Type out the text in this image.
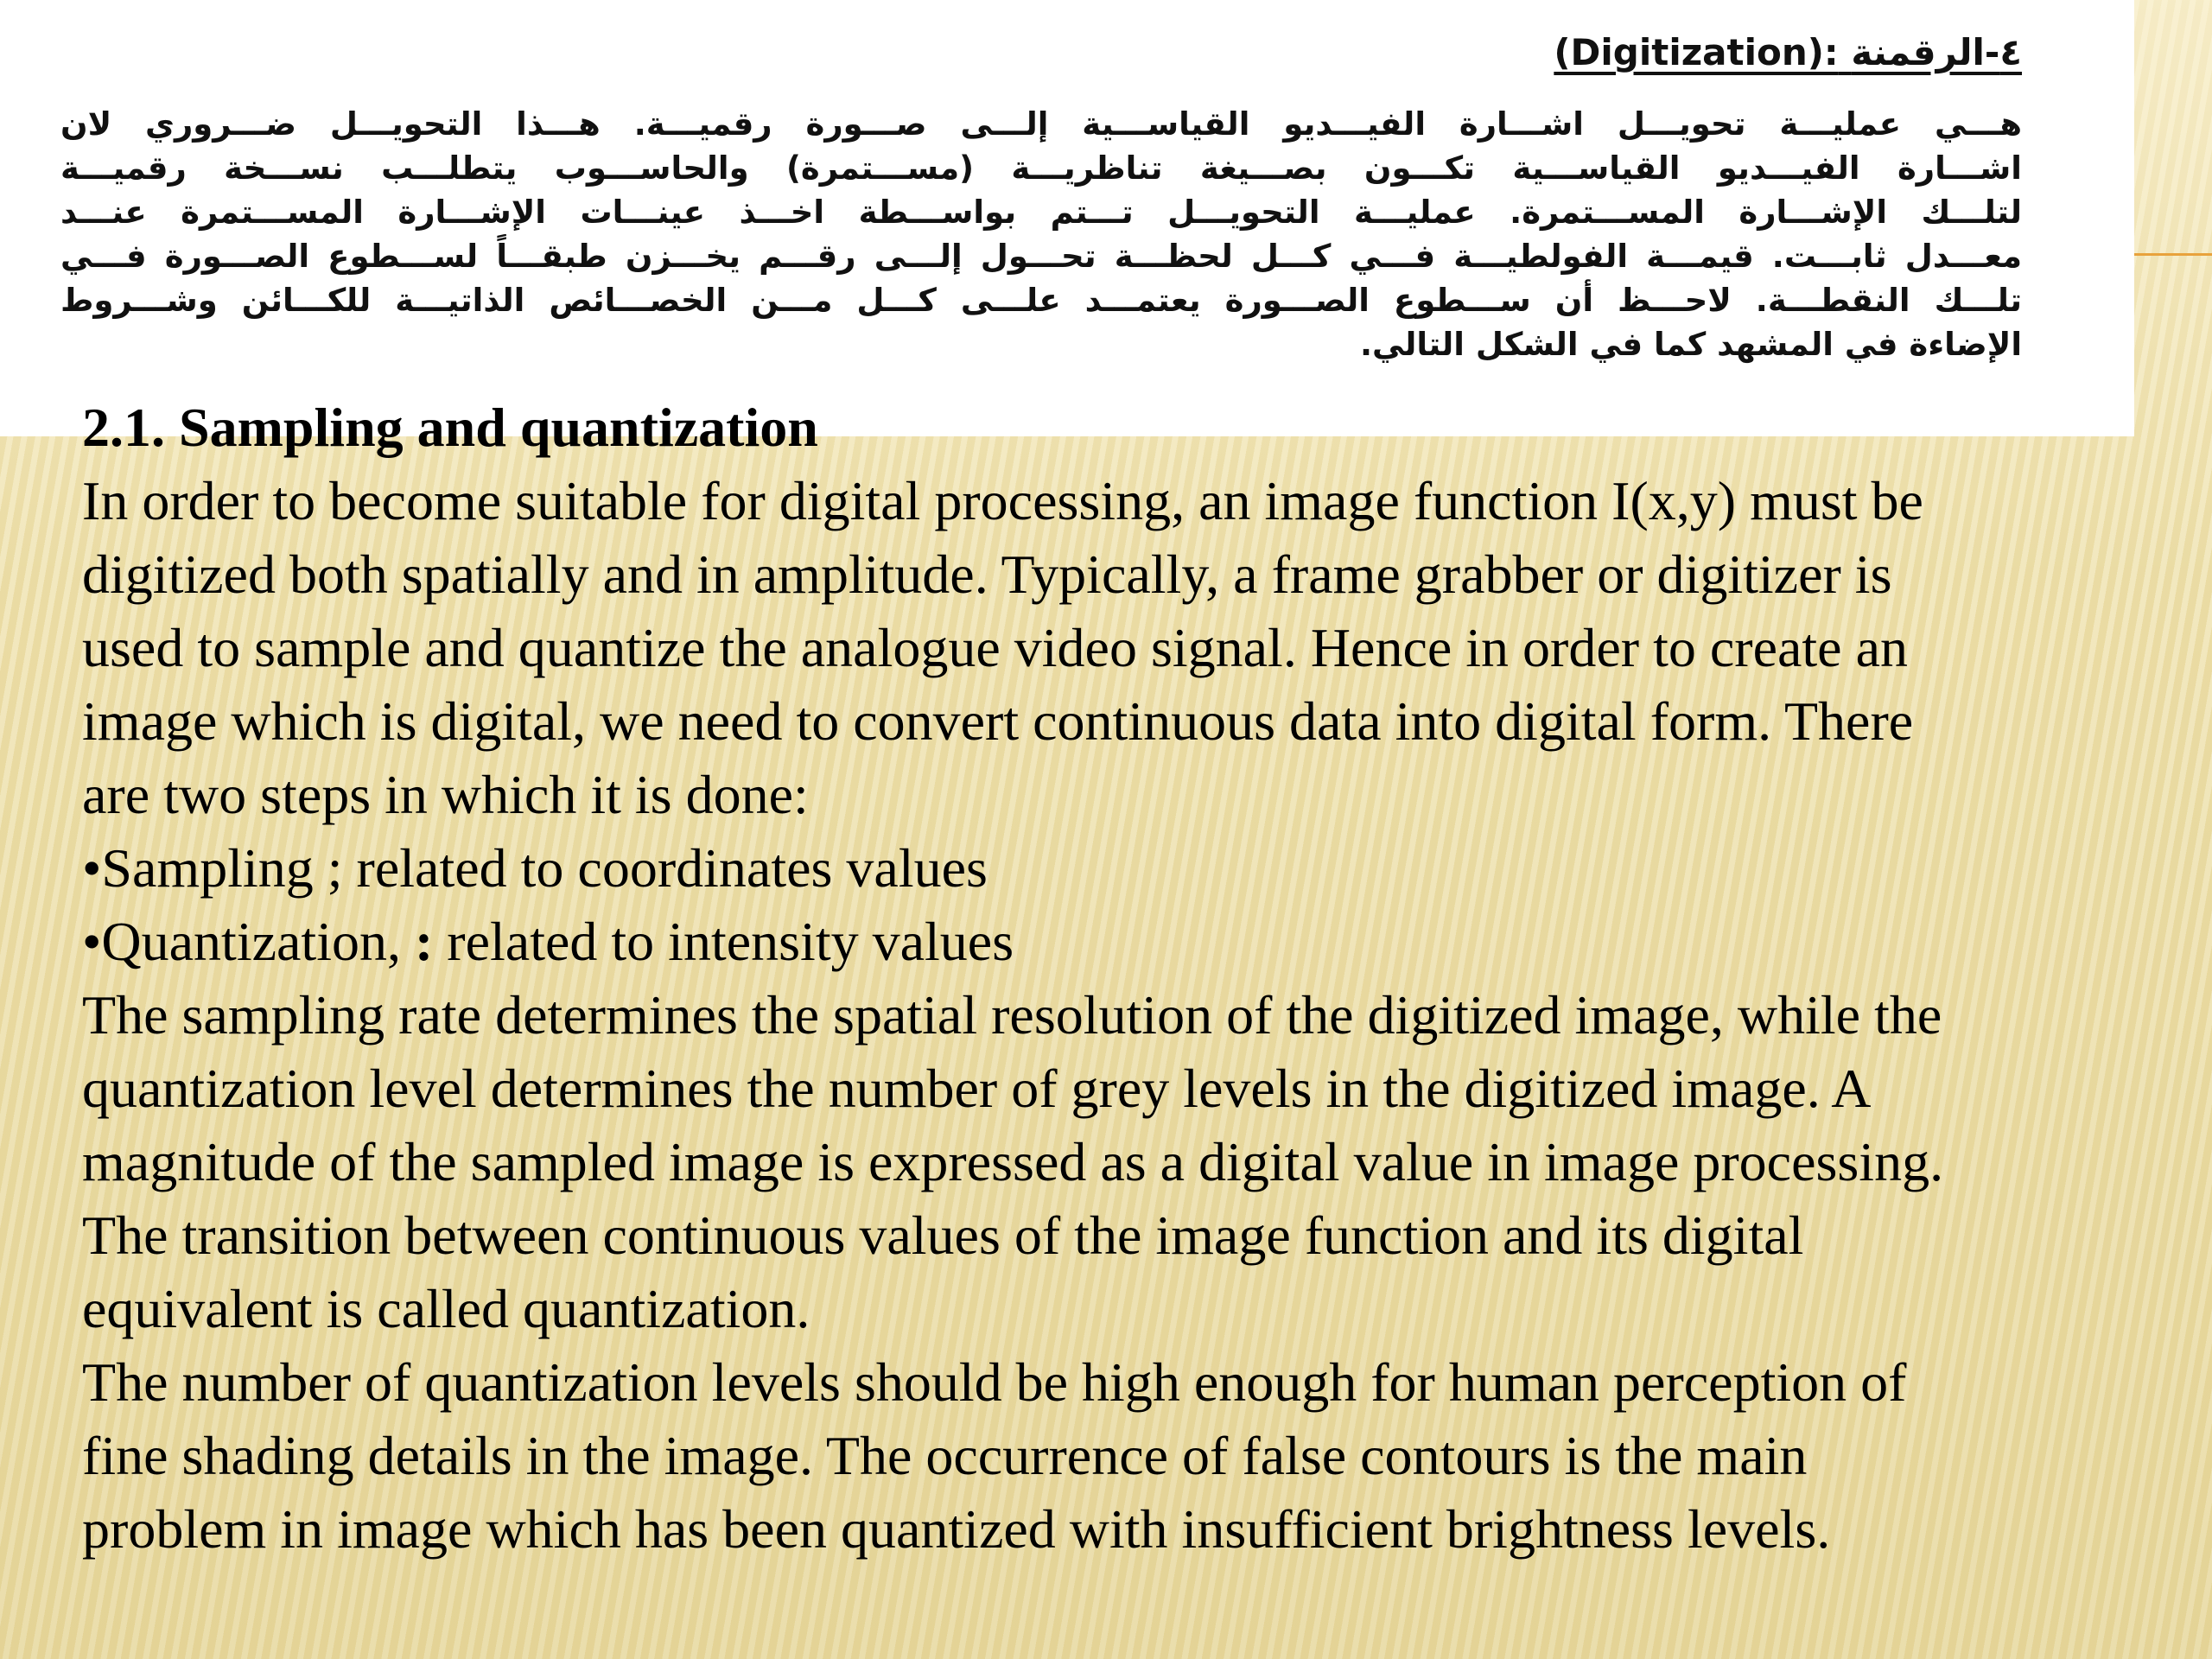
٤-الرقمنة (Digitization):
هـــي عمليـــة تحويـــل اشـــارة الفيـــديو القياســـية إلـــى صـــورة رقميـــة. هـــذا التحويـــل ضـــروري لان
اشـــارة الفيـــديو القياســـية تكـــون بصـــيغة تناظريـــة (مســـتمرة) والحاســـوب يتطلـــب نســـخة رقميـــة
لتلـــك الإشـــارة المســـتمرة. عمليـــة التحويـــل تـــتم بواســـطة اخـــذ عينـــات الإشـــارة المســـتمرة عنـــد
معـــدل ثابـــت. قيمـــة الفولطيـــة فـــي كـــل لحظـــة تحـــول إلـــى رقـــم يخـــزن طبقـــاً لســـطوع الصـــورة فـــي
تلـــك النقطـــة. لاحـــظ أن ســـطوع الصـــورة يعتمـــد علـــى كـــل مـــن الخصـــائص الذاتيـــة للكـــائن وشـــروط
الإضاءة في المشهد كما في الشكل التالي.
2.1. Sampling and quantization
In order to become suitable for digital processing, an image function I(x,y) must be
digitized both spatially and in amplitude. Typically, a frame grabber or digitizer is
used to sample and quantize the analogue video signal. Hence in order to create an
image which is digital, we need to convert continuous data into digital form. There
are two steps in which it is done:
•Sampling ; related to coordinates values
•Quantization, : related to intensity values
The sampling rate determines the spatial resolution of the digitized image, while the
quantization level determines the number of grey levels in the digitized image. A
magnitude of the sampled image is expressed as a digital value in image processing.
The transition between continuous values of the image function and its digital
equivalent is called quantization.
The number of quantization levels should be high enough for human perception of
fine shading details in the image. The occurrence of false contours is the main
problem in image which has been quantized with insufficient brightness levels.
